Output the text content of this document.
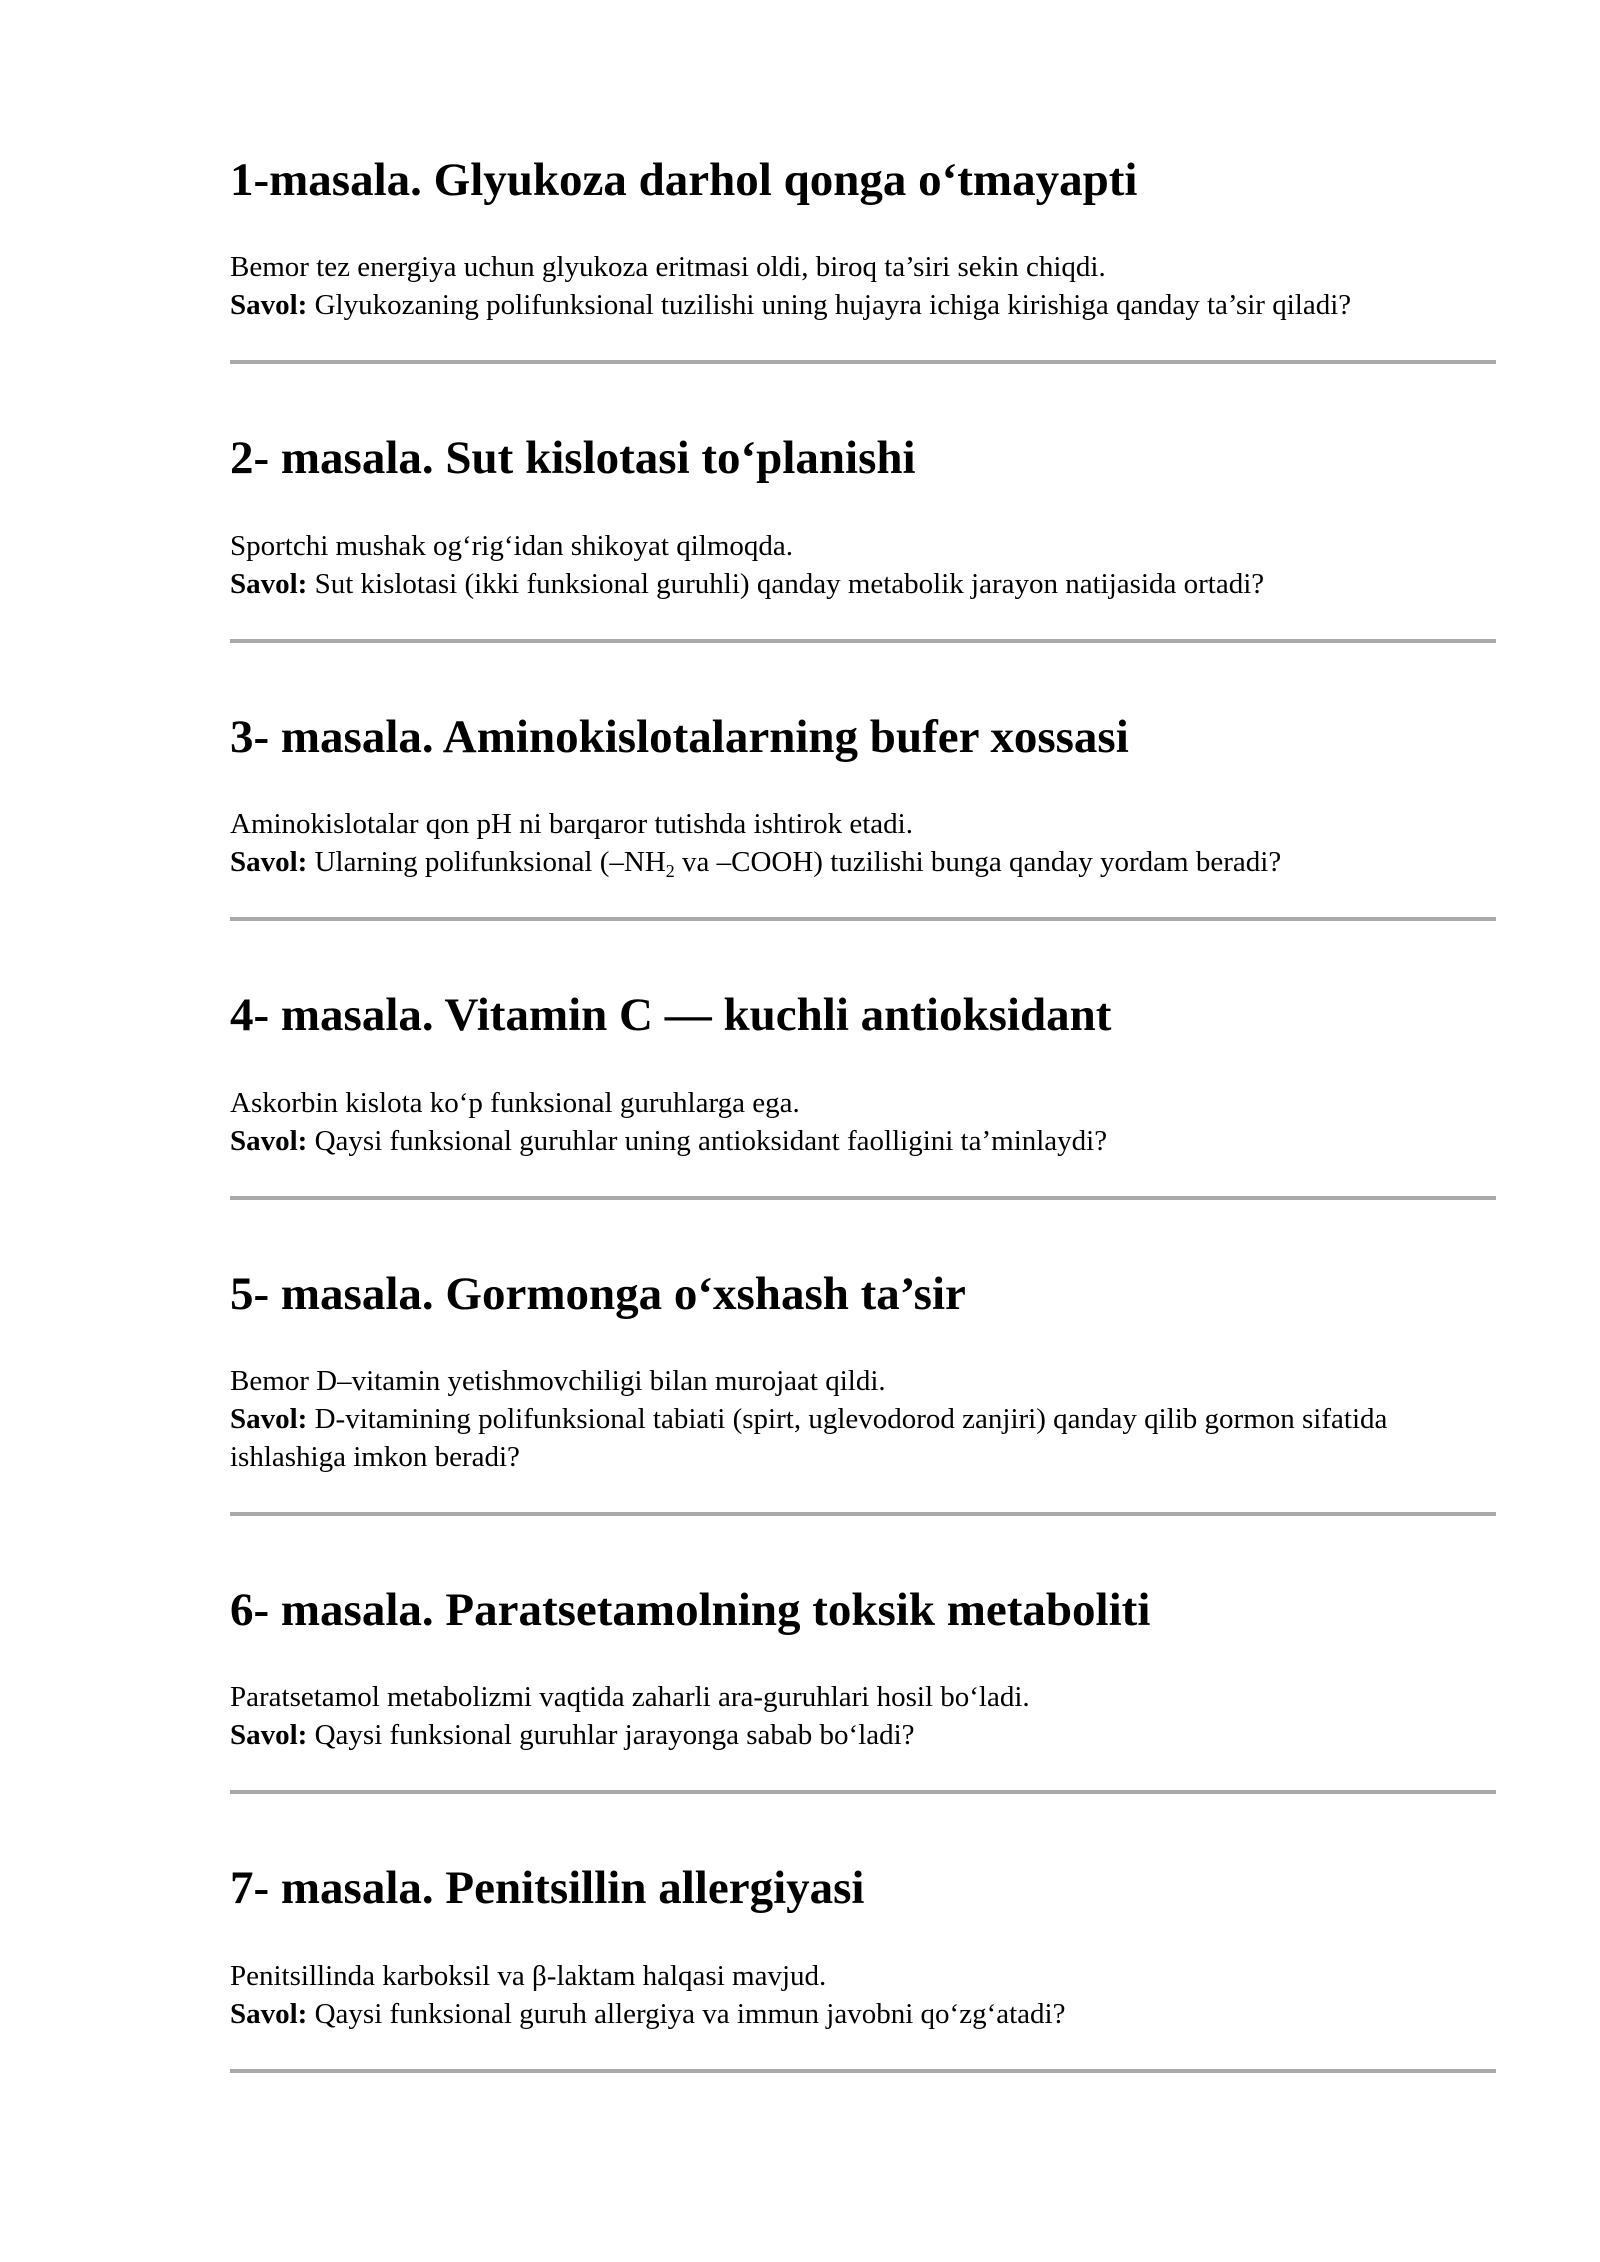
1-masala. Glyukoza darhol qonga o‘tmayapti

Bemor tez energiya uchun glyukoza eritmasi oldi, biroq ta’siri sekin chiqdi.

Savol: Glyukozaning polifunksional tuzilishi uning hujayra ichiga kirishiga qanday ta’sir qiladi?

2- masala. Sut kislotasi to‘planishi

Sportchi mushak og‘rig‘idan shikoyat qilmoqda.

Savol: Sut kislotasi (ikki funksional guruhli) qanday metabolik jarayon natijasida ortadi?

3- masala. Aminokislotalarning bufer xossasi

Aminokislotalar qon pH ni barqaror tutishda ishtirok etadi.

Savol: Ularning polifunksional ($-NH_2$ va –COOH) tuzilishi bunga qanday yordam beradi?

4- masala. Vitamin C — kuchli antioksidant

Askorbin kislota ko‘p funksional guruhlarga ega.

Savol: Qaysi funksional guruhlar uning antioksidant faolligini ta’minlaydi?

5- masala. Gormonga o‘xshash ta’sir

Bemor D–vitamin yetishmovchiligi bilan murojaat qildi.

Savol: D-vitamining polifunksional tabiati (spirt, uglevodorod zanjiri) qanday qilib gormon sifatida ishlashiga imkon beradi?

6- masala. Paratsetamolning toksik metaboliti

Paratsetamol metabolizmi vaqtida zaharli ara-guruhlari hosil bo‘ladi.

Savol: Qaysi funksional guruhlar jarayonga sabab bo‘ladi?

7- masala. Penitsillin allergiyasi

Penitsillinda karboksil va β-laktam halqasi mavjud.

Savol: Qaysi funksional guruh allergiya va immun javobni qo‘zg‘atadi?
